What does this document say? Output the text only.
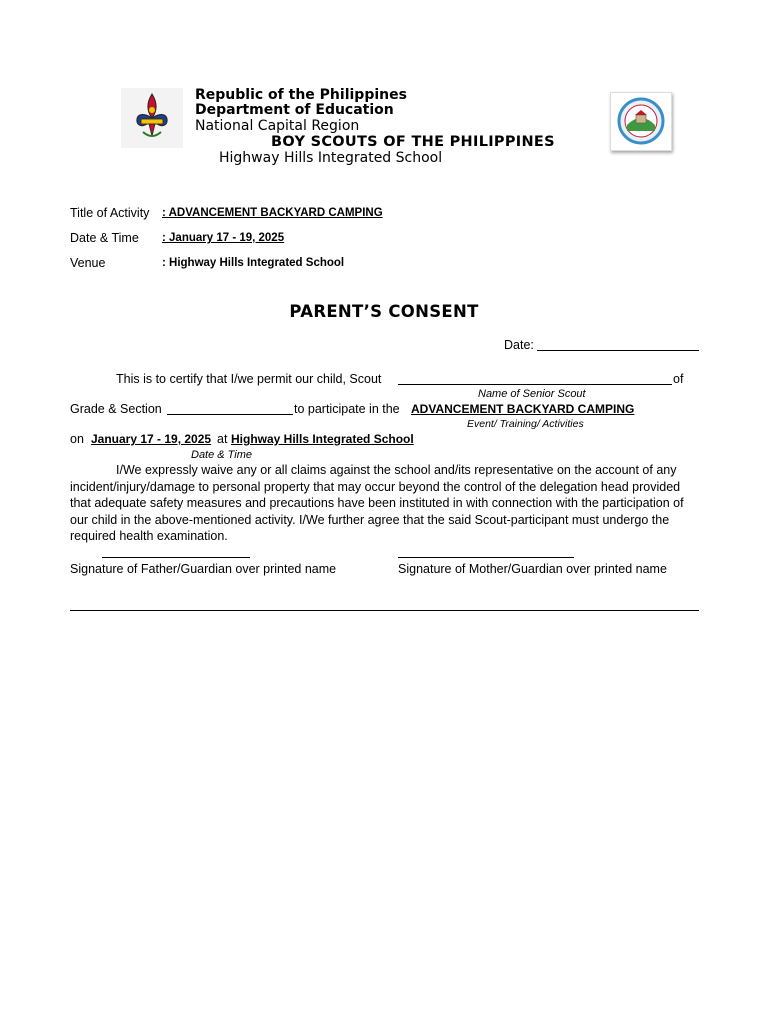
Republic of the Philippines
Department of Education
National Capital Region
BOY SCOUTS OF THE PHILIPPINES
Highway Hills Integrated School
Title of Activity : ADVANCEMENT BACKYARD CAMPING
Date & Time : January 17 - 19, 2025
Venue	: Highway Hills Integrated School
PARENT’S CONSENT
Date:
This is to certify that I/we permit our child, Scout	of
Name of Senior Scout
Grade & Section	to participate in the ADVANCEMENT BACKYARD CAMPING
Event/ Training/ Activities
on January 17 - 19, 2025 at Highway Hills Integrated School
Date & Time
I/We expressly waive any or all claims against the school and/its representative on the account of any incident/injury/damage to personal property that may occur beyond the control of the delegation head provided that adequate safety measures and precautions have been instituted in with connection with the participation of our child in the above-mentioned activity. I/We further agree that the said Scout-participant must undergo the required health examination.
Signature of Father/Guardian over printed name	Signature of Mother/Guardian over printed name
